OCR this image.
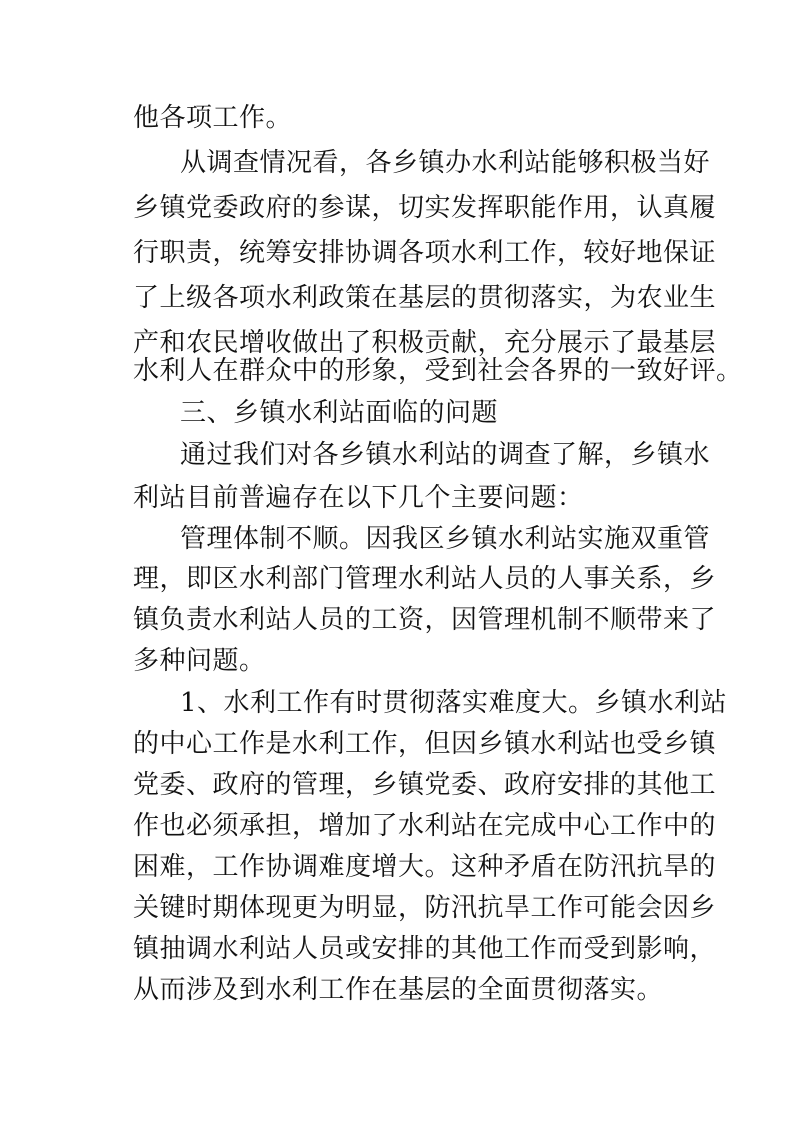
他各项工作。

从调查情况看，各乡镇办水利站能够积极当好

乡镇党委政府的参谋，切实发挥职能作用，认真履

行职责，统筹安排协调各项水利工作，较好地保证

了上级各项水利政策在基层的贯彻落实，为农业生

产和农民增收做出了积极贡献，充分展示了最基层

水利人在群众中的形象，受到社会各界的一致好评。

三、乡镇水利站面临的问题

通过我们对各乡镇水利站的调查了解，乡镇水

利站目前普遍存在以下几个主要问题：

管理体制不顺。因我区乡镇水利站实施双重管

理，即区水利部门管理水利站人员的人事关系，乡

镇负责水利站人员的工资，因管理机制不顺带来了

多种问题。

1、水利工作有时贯彻落实难度大。乡镇水利站

的中心工作是水利工作，但因乡镇水利站也受乡镇

党委、政府的管理，乡镇党委、政府安排的其他工

作也必须承担，增加了水利站在完成中心工作中的

困难，工作协调难度增大。这种矛盾在防汛抗旱的

关键时期体现更为明显，防汛抗旱工作可能会因乡

镇抽调水利站人员或安排的其他工作而受到影响，

从而涉及到水利工作在基层的全面贯彻落实。
